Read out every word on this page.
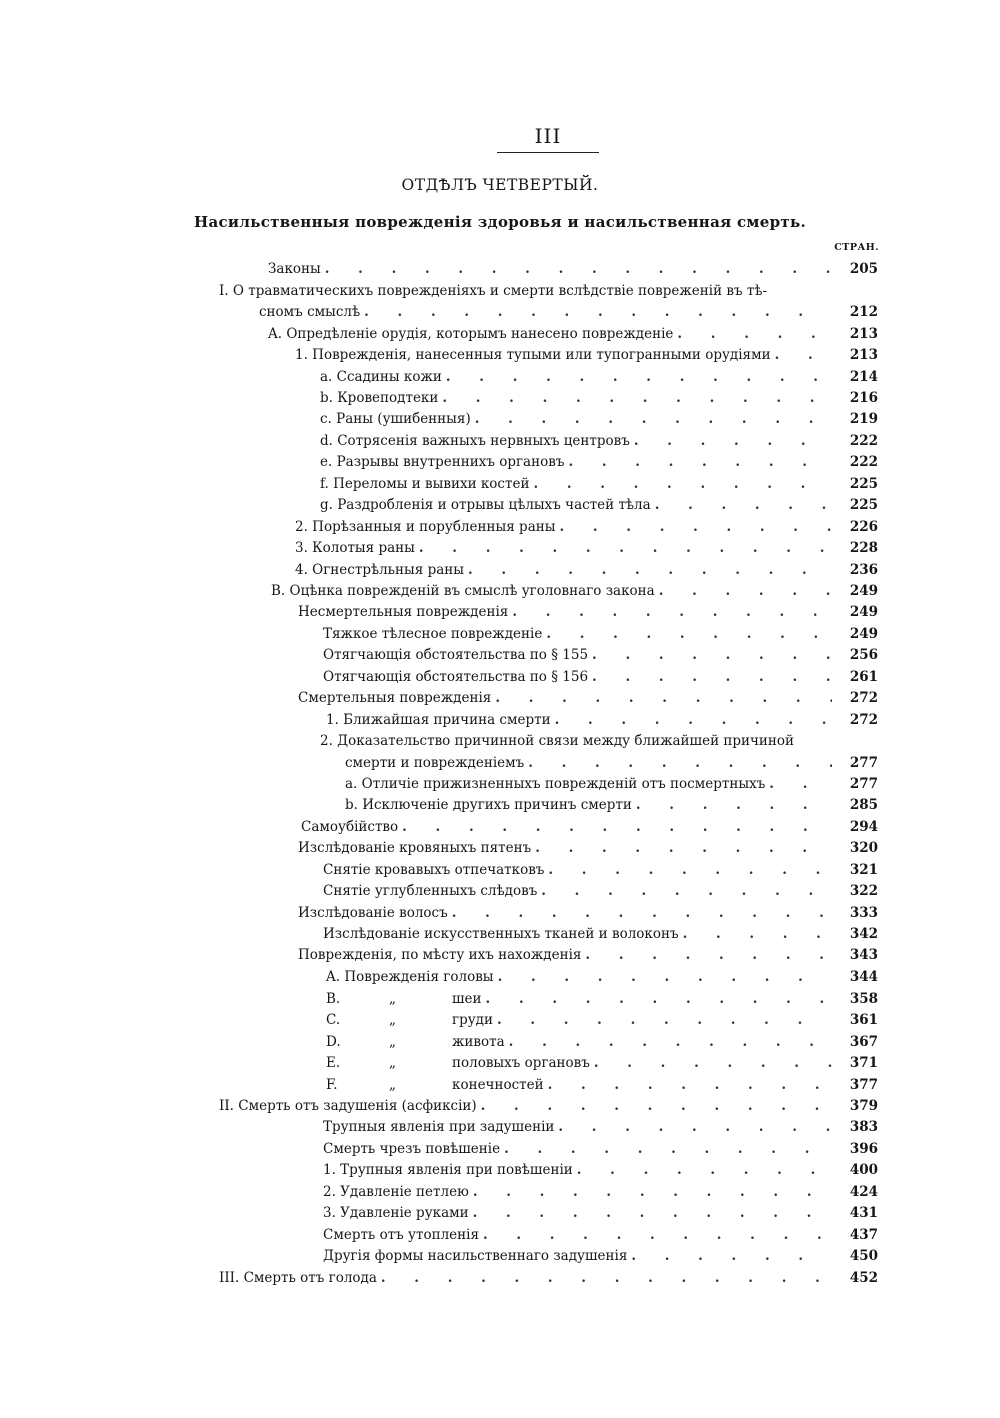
III
ОТДѢЛЪ ЧЕТВЕРТЫЙ.
Насильственныя поврежденія здоровья и насильственная смерть.
СТРАН.
Законы . . .	205
I. О травматическихъ поврежденіяхъ и смерти вслѣдствіе повреженій въ тѣ-
сномъ смыслѣ . . .	212
A. Опредѣленіе орудія, которымъ нанесено поврежденіе . . .	213
1. Поврежденія, нанесенныя тупыми или тупогранными орудіями . . .	213
a. Ссадины кожи . . .	214
b. Кровеподтеки . . .	216
c. Раны (ушибенныя) . . .	219
d. Сотрясенія важныхъ нервныхъ центровъ . . .	222
e. Разрывы внутреннихъ органовъ . . .	222
f. Переломы и вывихи костей . . .	225
g. Раздробленія и отрывы цѣлыхъ частей тѣла . . .	225
2. Порѣзанныя и порубленныя раны . . .	226
3. Колотыя раны . . .	228
4. Огнестрѣльныя раны . . .	236
B. Оцѣнка поврежденій въ смыслѣ уголовнаго закона . . .	249
Несмертельныя поврежденія . . .	249
Тяжкое тѣлесное поврежденіе . . .	249
Отягчающія обстоятельства по § 155 . . .	256
Отягчающія обстоятельства по § 156 . . .	261
Смертельныя поврежденія . . .	272
1. Ближайшая причина смерти . . .	272
2. Доказательство причинной связи между ближайшей причиной
смерти и поврежденіемъ . . .	277
a. Отличіе прижизненныхъ поврежденій отъ посмертныхъ . . .	277
b. Исключеніе другихъ причинъ смерти . . .	285
Самоубійство . . .	294
Изслѣдованіе кровяныхъ пятенъ . . .	320
Снятіе кровавыхъ отпечатковъ . . .	321
Снятіе углубленныхъ слѣдовъ . . .	322
Изслѣдованіе волосъ . . .	333
Изслѣдованіе искусственныхъ тканей и волоконъ . . .	342
Поврежденія, по мѣсту ихъ нахожденія . . .	343
A. Поврежденія головы . . .	344
B.	„	шеи . . .	358
C.	„	груди . . .	361
D.	„	живота . . .	367
E.	„	половыхъ органовъ . . .	371
F.	„	конечностей . . .	377
II. Смерть отъ задушенія (асфиксіи) . . .	379
Трупныя явленія при задушеніи . . .	383
Смерть чрезъ повѣшеніе . . .	396
1. Трупныя явленія при повѣшеніи . . .	400
2. Удавленіе петлею . . .	424
3. Удавленіе руками . . .	431
Смерть отъ утопленія . . .	437
Другія формы насильственнаго задушенія . . .	450
III. Смерть отъ голода . . .	452
